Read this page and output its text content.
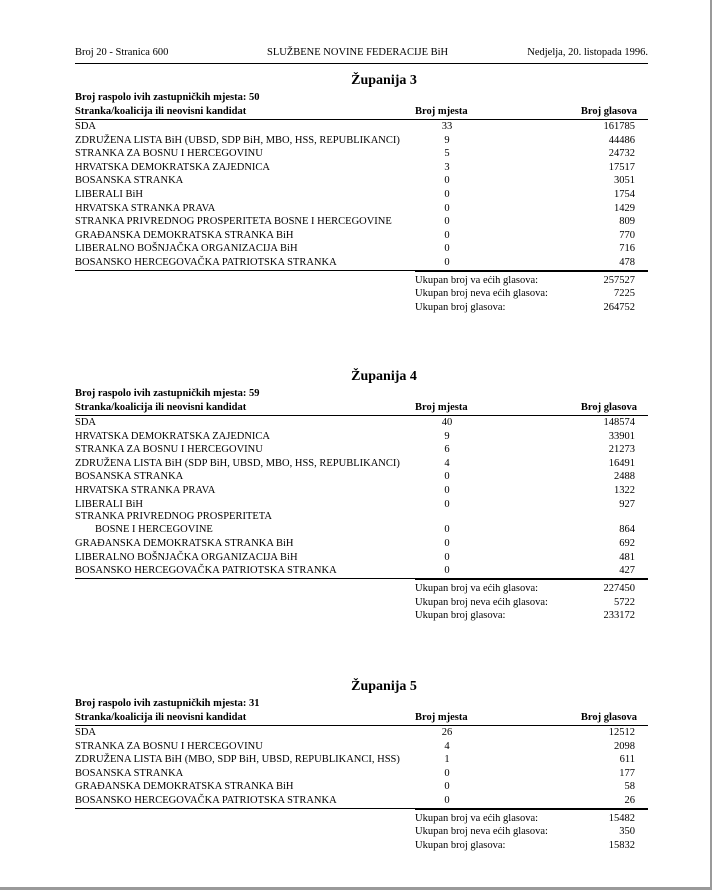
Broj 20 - Stranica 600	SLUŽBENE NOVINE FEDERACIJE BiH	Nedjelja, 20. listopada 1996.
Županija 3
Broj raspolo ivih zastupničkih mjesta: 50
Stranka/koalicija ili neovisni kandidat	Broj mjesta	Broj glasova
SDA	33	161785
ZDRUŽENA LISTA BiH (UBSD, SDP BiH, MBO, HSS, REPUBLIKANCI)	9	44486
STRANKA ZA BOSNU I HERCEGOVINU	5	24732
HRVATSKA DEMOKRATSKA ZAJEDNICA	3	17517
BOSANSKA STRANKA	0	3051
LIBERALI BiH	0	1754
HRVATSKA STRANKA PRAVA	0	1429
STRANKA PRIVREDNOG PROSPERITETA BOSNE I HERCEGOVINE	0	809
GRAĐANSKA DEMOKRATSKA STRANKA BiH	0	770
LIBERALNO BOŠNJAČKA ORGANIZACIJA BiH	0	716
BOSANSKO HERCEGOVAČKA PATRIOTSKA STRANKA	0	478
Ukupan broj va ećih glasova:	257527
Ukupan broj neva ećih glasova:	7225
Ukupan broj glasova:	264752
Županija 4
Broj raspolo ivih zastupničkih mjesta: 59
Stranka/koalicija ili neovisni kandidat	Broj mjesta	Broj glasova
SDA	40	148574
HRVATSKA DEMOKRATSKA ZAJEDNICA	9	33901
STRANKA ZA BOSNU I HERCEGOVINU	6	21273
ZDRUŽENA LISTA BiH (SDP BiH, UBSD, MBO, HSS, REPUBLIKANCI)	4	16491
BOSANSKA STRANKA	0	2488
HRVATSKA STRANKA PRAVA	0	1322
LIBERALI BiH	0	927
STRANKA PRIVREDNOG PROSPERITETA
BOSNE I HERCEGOVINE	0	864
GRAĐANSKA DEMOKRATSKA STRANKA BiH	0	692
LIBERALNO BOŠNJAČKA ORGANIZACIJA BiH	0	481
BOSANSKO HERCEGOVAČKA PATRIOTSKA STRANKA	0	427
Ukupan broj va ećih glasova:	227450
Ukupan broj neva ećih glasova:	5722
Ukupan broj glasova:	233172
Županija 5
Broj raspolo ivih zastupničkih mjesta: 31
Stranka/koalicija ili neovisni kandidat	Broj mjesta	Broj glasova
SDA	26	12512
STRANKA ZA BOSNU I HERCEGOVINU	4	2098
ZDRUŽENA LISTA BiH (MBO, SDP BiH, UBSD, REPUBLIKANCI, HSS)	1	611
BOSANSKA STRANKA	0	177
GRAĐANSKA DEMOKRATSKA STRANKA BiH	0	58
BOSANSKO HERCEGOVAČKA PATRIOTSKA STRANKA	0	26
Ukupan broj va ećih glasova:	15482
Ukupan broj neva ećih glasova:	350
Ukupan broj glasova:	15832
